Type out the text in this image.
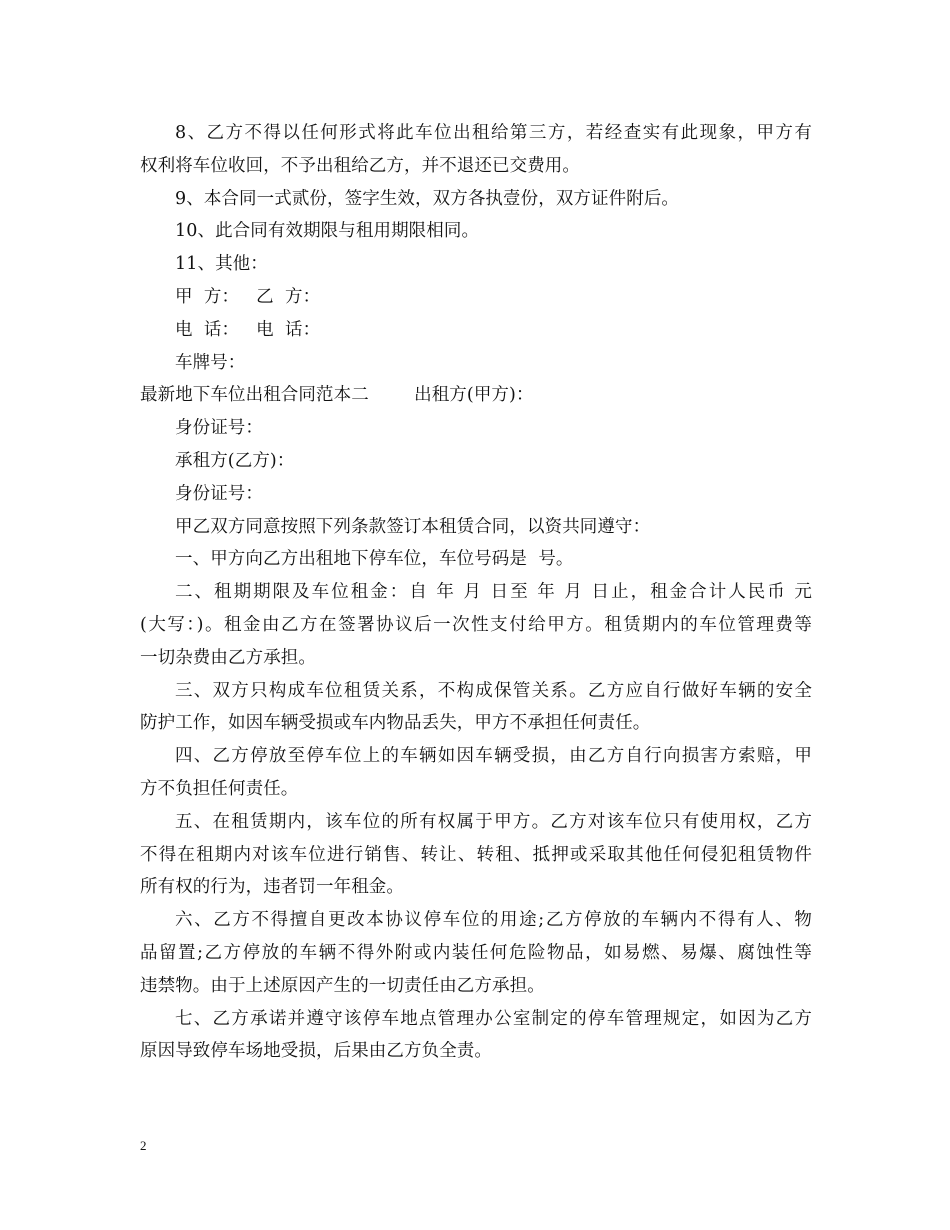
8、乙方不得以任何形式将此车位出租给第三方，若经查实有此现象，甲方有
权利将车位收回，不予出租给乙方，并不退还已交费用。
9、本合同一式贰份，签字生效，双方各执壹份，双方证件附后。
10、此合同有效期限与租用期限相同。
11、其他：
甲  方：   乙  方：
电  话：   电  话：
车牌号：
最新地下车位出租合同范本二        出租方(甲方)：
身份证号：
承租方(乙方)：
身份证号：
甲乙双方同意按照下列条款签订本租赁合同，以资共同遵守：
一、甲方向乙方出租地下停车位，车位号码是  号。
二、租期期限及车位租金：自 年 月 日至 年 月 日止，租金合计人民币 元
(大写：)。租金由乙方在签署协议后一次性支付给甲方。租赁期内的车位管理费等
一切杂费由乙方承担。
三、双方只构成车位租赁关系，不构成保管关系。乙方应自行做好车辆的安全
防护工作，如因车辆受损或车内物品丢失，甲方不承担任何责任。
四、乙方停放至停车位上的车辆如因车辆受损，由乙方自行向损害方索赔，甲
方不负担任何责任。
五、在租赁期内，该车位的所有权属于甲方。乙方对该车位只有使用权，乙方
不得在租期内对该车位进行销售、转让、转租、抵押或采取其他任何侵犯租赁物件
所有权的行为，违者罚一年租金。
六、乙方不得擅自更改本协议停车位的用途;乙方停放的车辆内不得有人、物
品留置;乙方停放的车辆不得外附或内装任何危险物品，如易燃、易爆、腐蚀性等
违禁物。由于上述原因产生的一切责任由乙方承担。
七、乙方承诺并遵守该停车地点管理办公室制定的停车管理规定，如因为乙方
原因导致停车场地受损，后果由乙方负全责。
2
